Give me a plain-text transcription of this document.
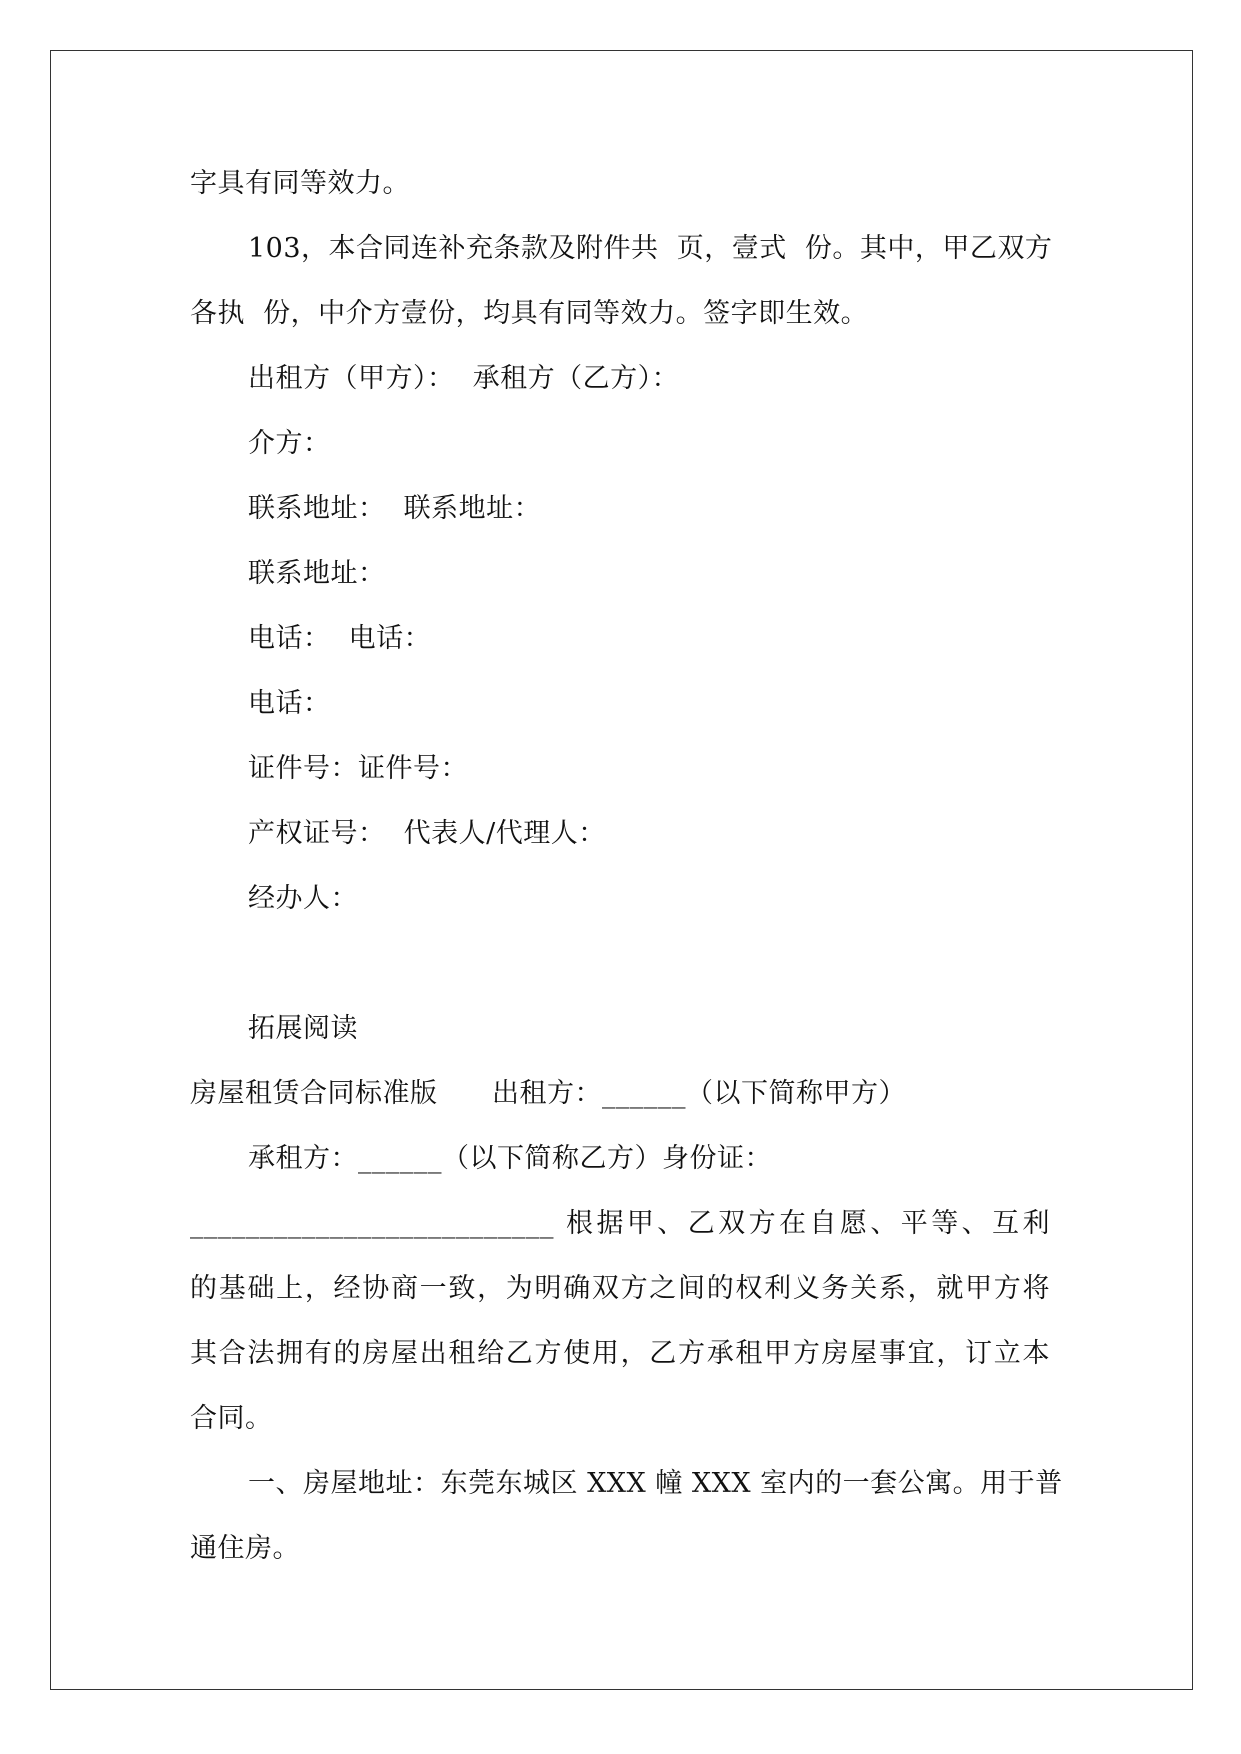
字具有同等效力。
103，本合同连补充条款及附件共  页，壹式  份。其中，甲乙双方
各执  份，中介方壹份，均具有同等效力。签字即生效。
出租方（甲方）：  承租方（乙方）：
介方：
联系地址：  联系地址：
联系地址：
电话：  电话：
电话：
证件号：证件号：
产权证号：  代表人/代理人：
经办人：
拓展阅读
房屋租赁合同标准版      出租方：______（以下简称甲方）
承租方：______（以下简称乙方）身份证：
__________________________ 根据甲、乙双方在自愿、平等、互利
的基础上，经协商一致，为明确双方之间的权利义务关系，就甲方将
其合法拥有的房屋出租给乙方使用，乙方承租甲方房屋事宜，订立本
合同。
一、房屋地址：东莞东城区 XXX 幢 XXX 室内的一套公寓。用于普
通住房。
